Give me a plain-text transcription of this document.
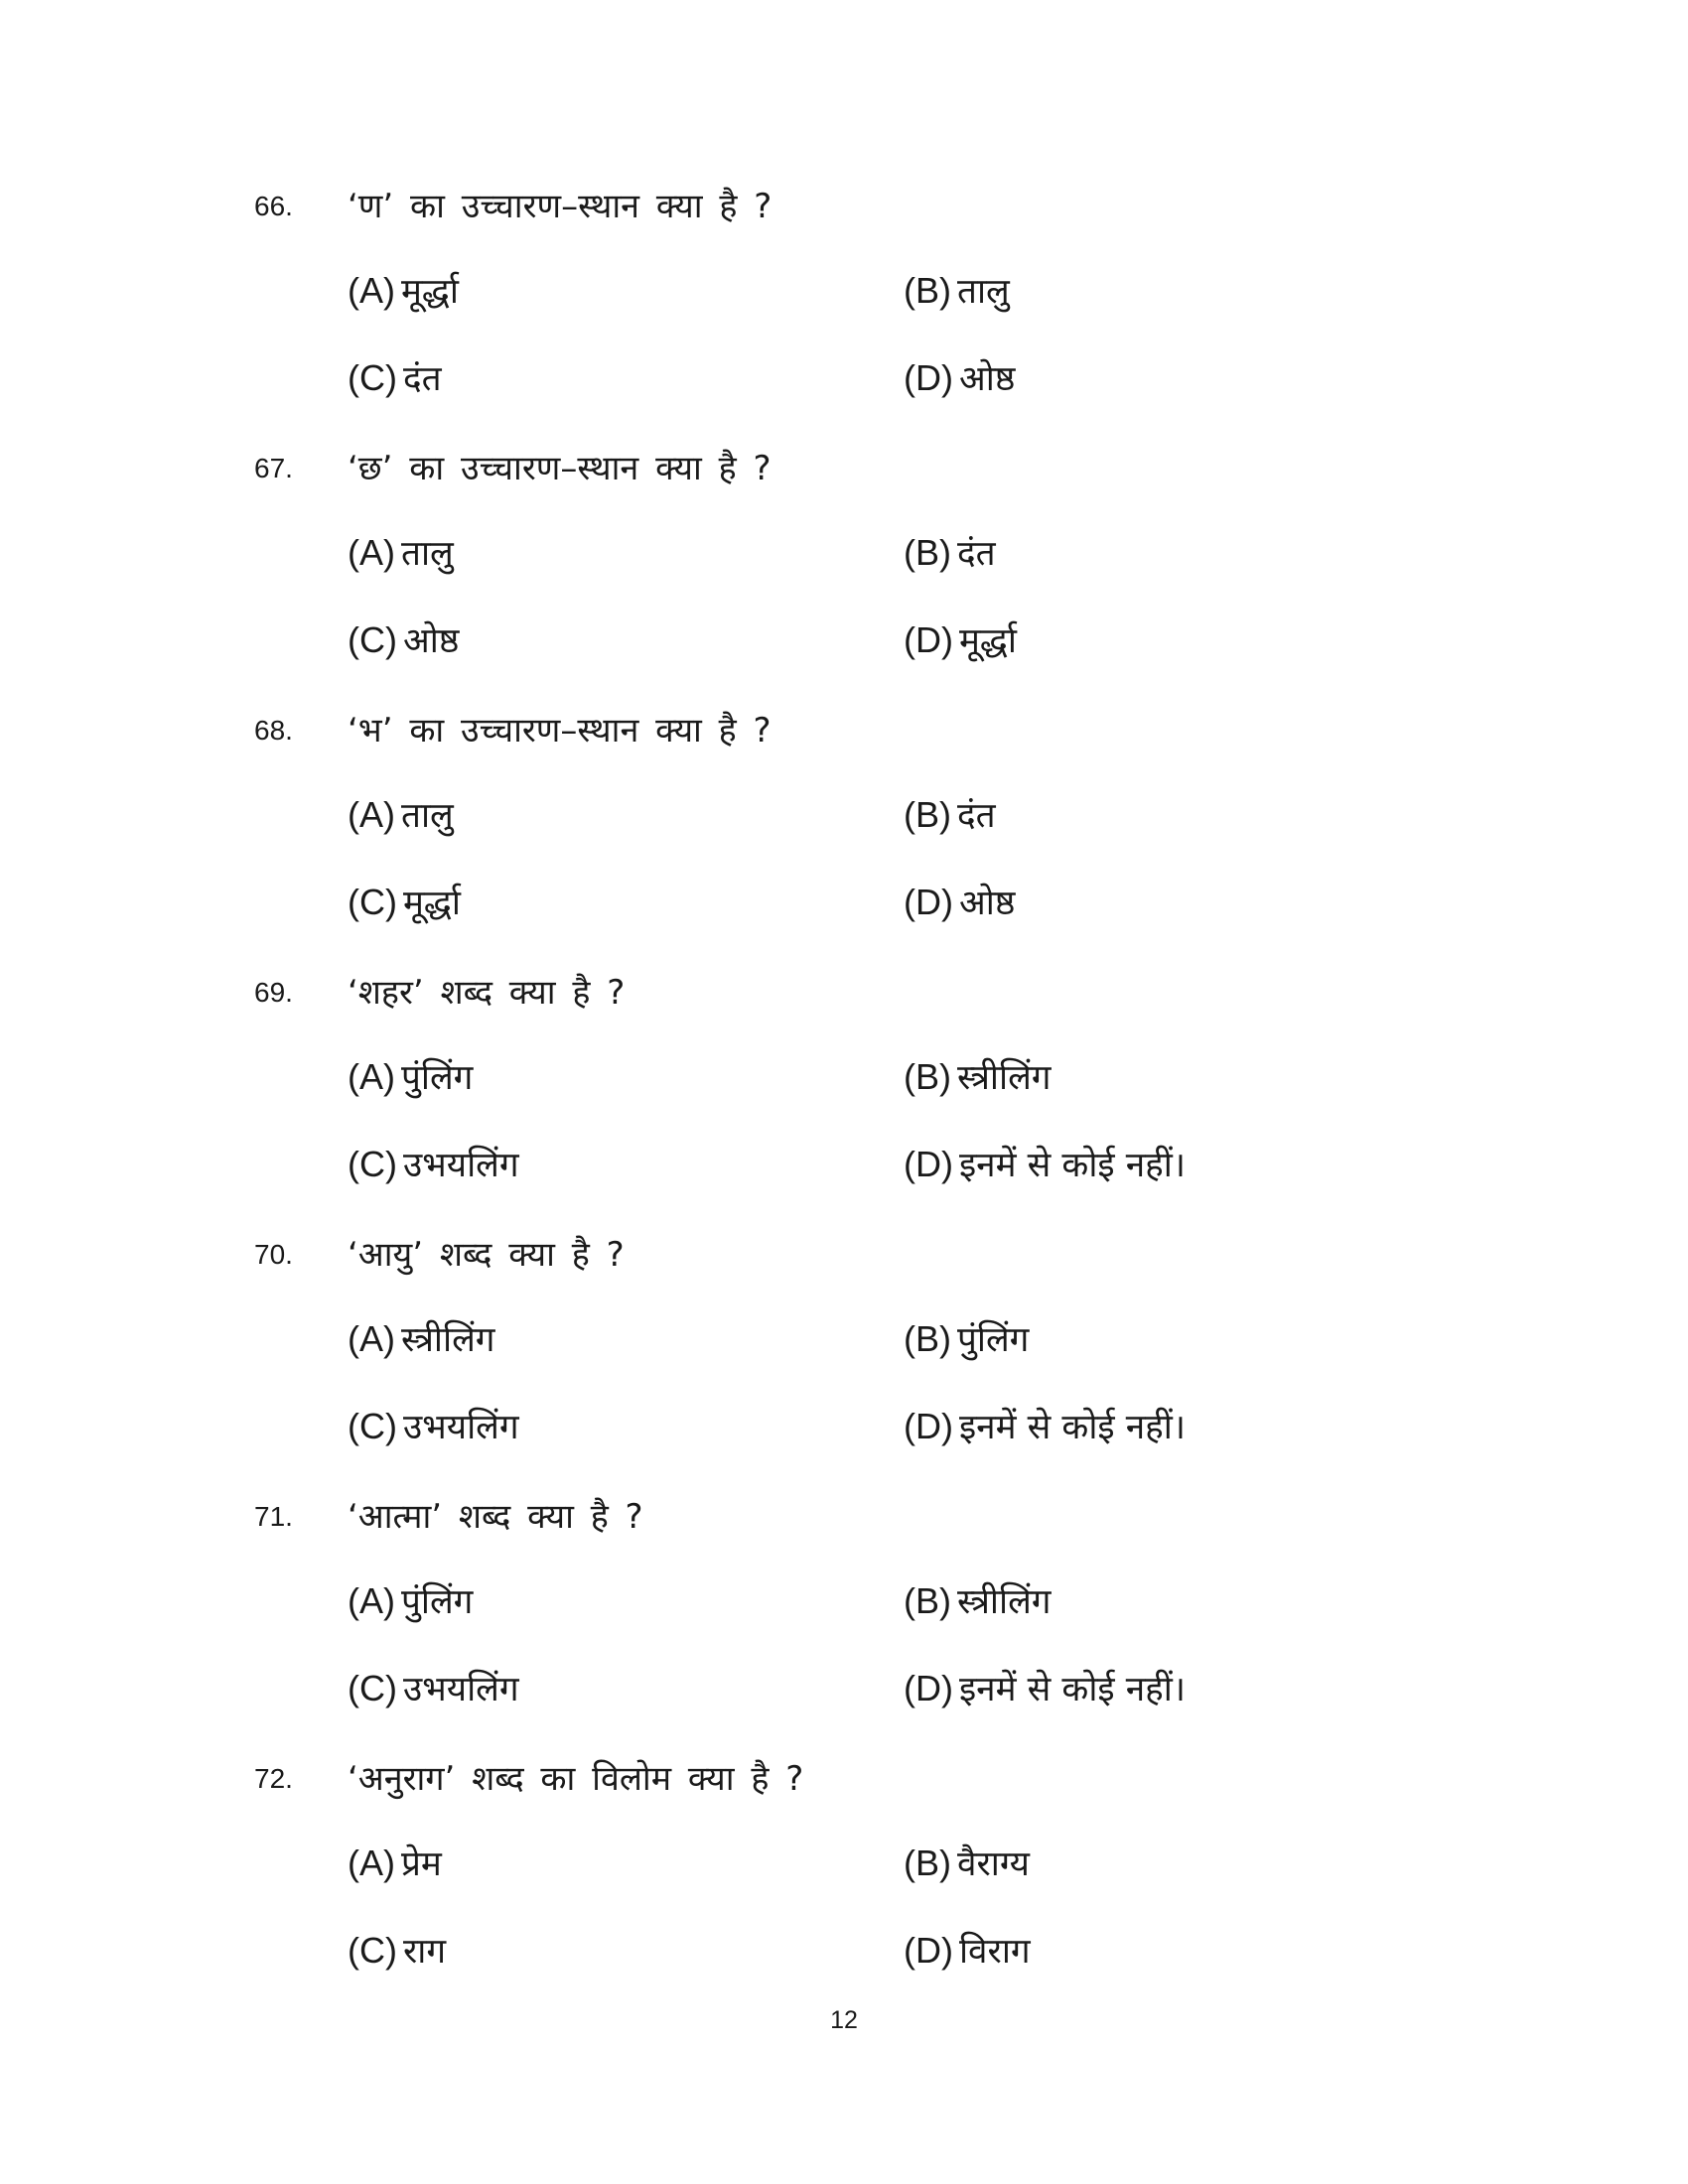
66. ‘ण’ का उच्चारण–स्थान क्या है ?
(A) मूर्द्धा	(B) तालु
(C) दंत	(D) ओष्ठ
67. ‘छ’ का उच्चारण–स्थान क्या है ?
(A) तालु	(B) दंत
(C) ओष्ठ	(D) मूर्द्धा
68. ‘भ’ का उच्चारण–स्थान क्या है ?
(A) तालु	(B) दंत
(C) मूर्द्धा	(D) ओष्ठ
69. ‘शहर’ शब्द क्या है ?
(A) पुंलिंग	(B) स्त्रीलिंग
(C) उभयलिंग	(D) इनमें से कोई नहीं।
70. ‘आयु’ शब्द क्या है ?
(A) स्त्रीलिंग	(B) पुंलिंग
(C) उभयलिंग	(D) इनमें से कोई नहीं।
71. ‘आत्मा’ शब्द क्या है ?
(A) पुंलिंग	(B) स्त्रीलिंग
(C) उभयलिंग	(D) इनमें से कोई नहीं।
72. ‘अनुराग’ शब्द का विलोम क्या है ?
(A) प्रेम	(B) वैराग्य
(C) राग	(D) विराग
12
